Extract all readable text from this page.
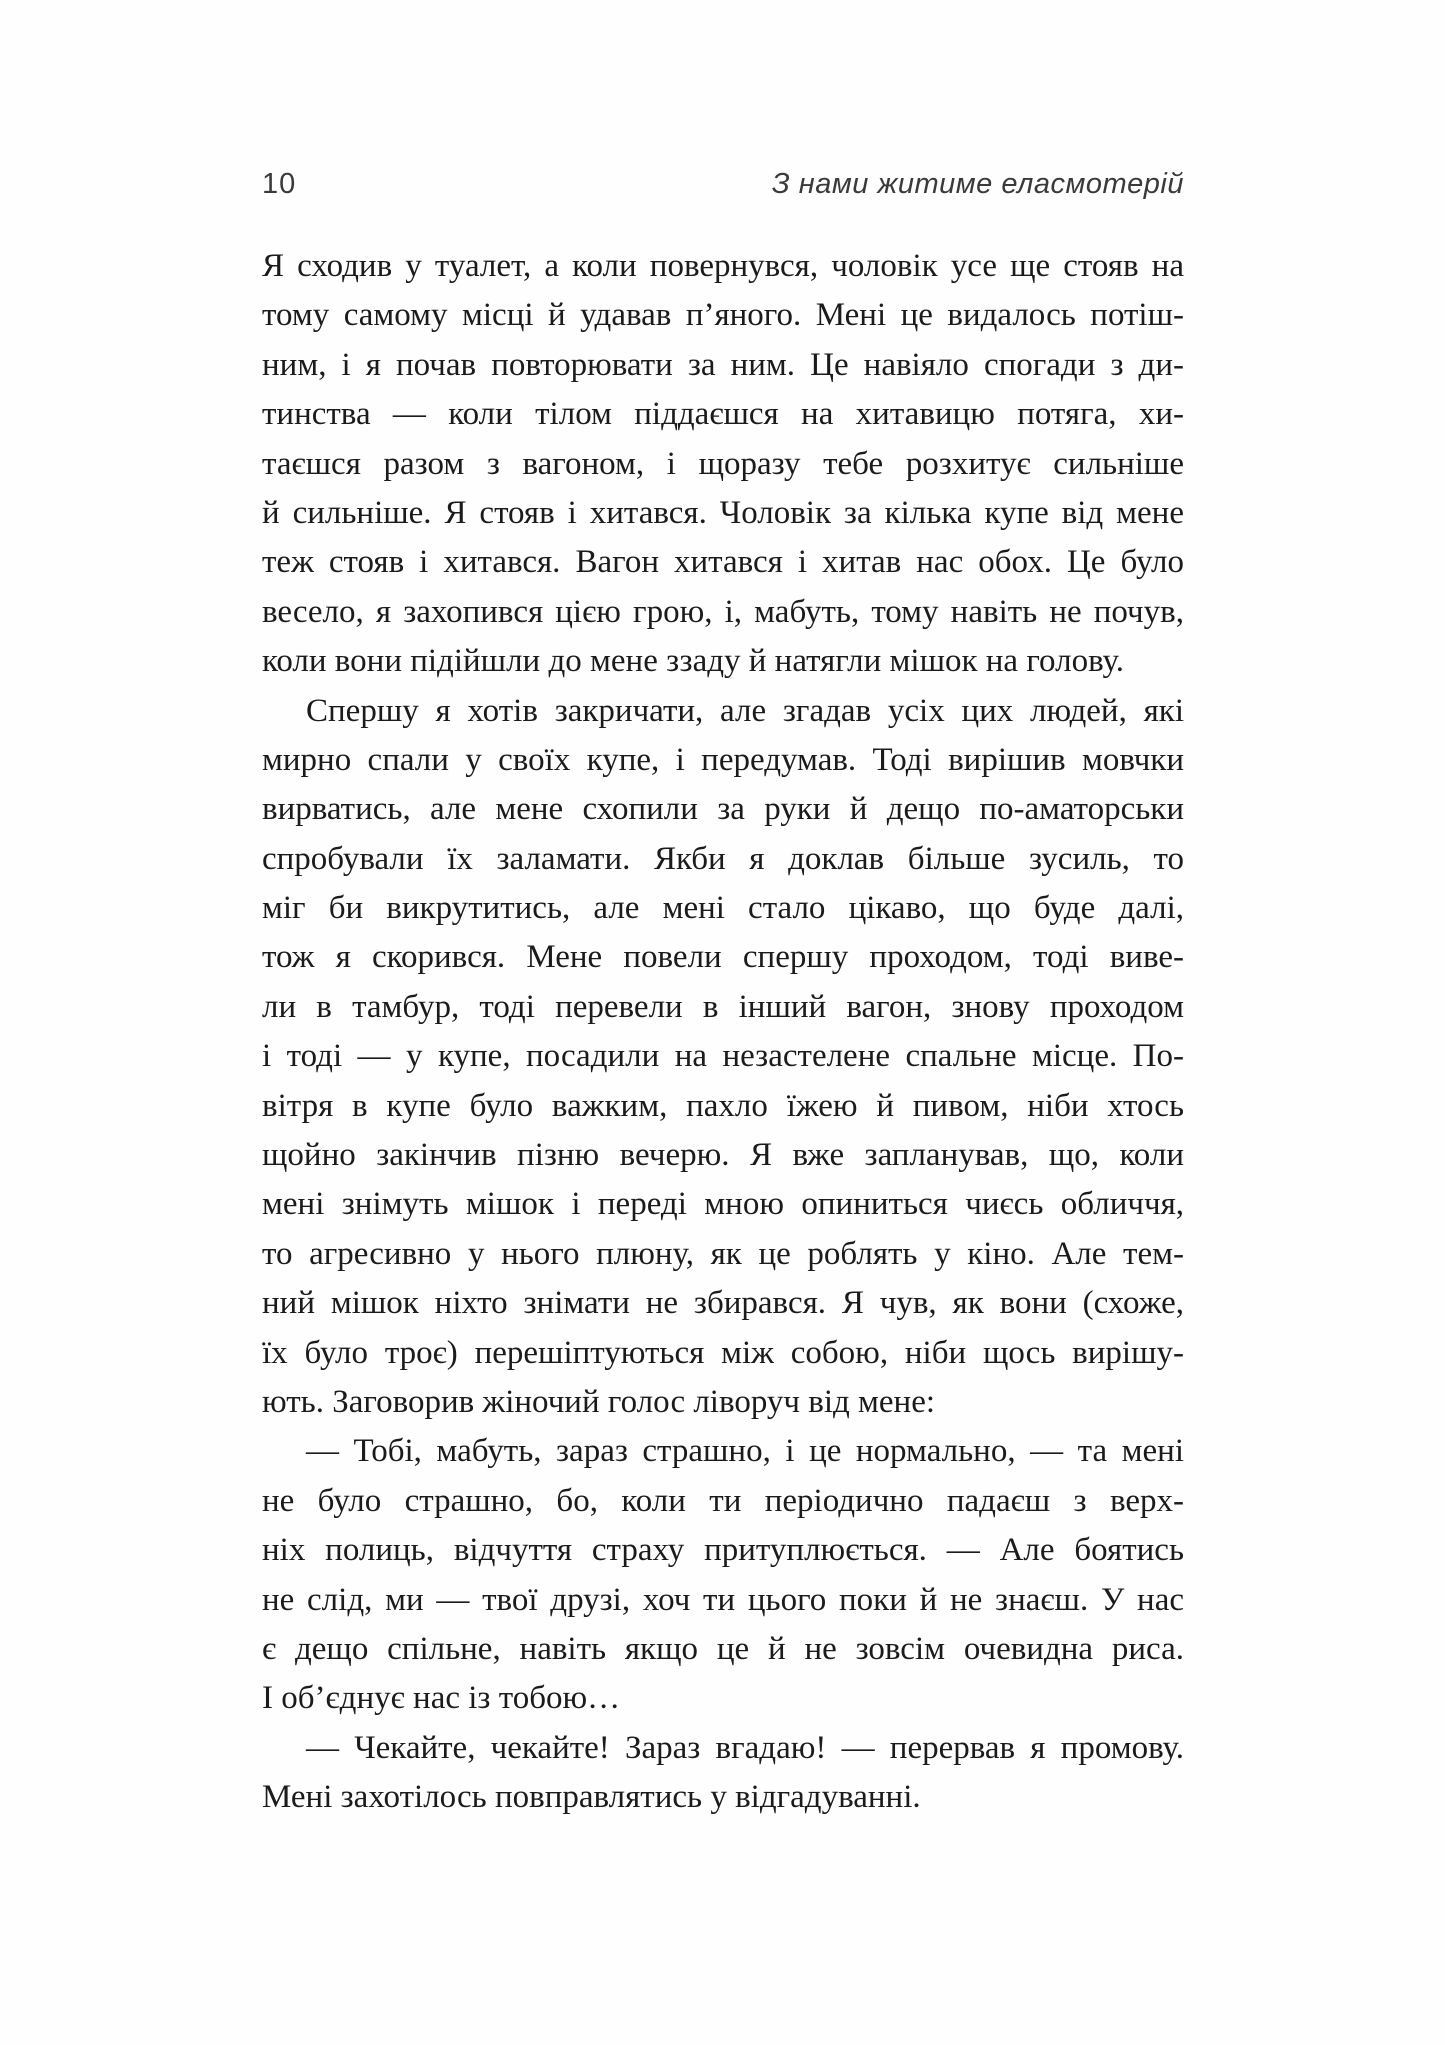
10	З нами житиме еласмотерій
Я сходив у туалет, а коли повернувся, чоловік усе ще стояв на
тому самому місці й удавав п’яного. Мені це видалось потіш-
ним, і я почав повторювати за ним. Це навіяло спогади з ди-
тинства — коли тілом піддаєшся на хитавицю потяга, хи-
таєшся разом з вагоном, і щоразу тебе розхитує сильніше
й сильніше. Я стояв і хитався. Чоловік за кілька купе від мене
теж стояв і хитався. Вагон хитався і хитав нас обох. Це було
весело, я захопився цією грою, і, мабуть, тому навіть не почув,
коли вони підійшли до мене ззаду й натягли мішок на голову.
Спершу я хотів закричати, але згадав усіх цих людей, які
мирно спали у своїх купе, і передумав. Тоді вирішив мовчки
вирватись, але мене схопили за руки й дещо по-аматорськи
спробували їх заламати. Якби я доклав більше зусиль, то
міг би викрутитись, але мені стало цікаво, що буде далі,
тож я скорився. Мене повели спершу проходом, тоді виве-
ли в тамбур, тоді перевели в інший вагон, знову проходом
і тоді — у купе, посадили на незастелене спальне місце. По-
вітря в купе було важким, пахло їжею й пивом, ніби хтось
щойно закінчив пізню вечерю. Я вже запланував, що, коли
мені знімуть мішок і переді мною опиниться чиєсь обличчя,
то агресивно у нього плюну, як це роблять у кіно. Але тем-
ний мішок ніхто знімати не збирався. Я чув, як вони (схоже,
їх було троє) перешіптуються між собою, ніби щось вирішу-
ють. Заговорив жіночий голос ліворуч від мене:
— Тобі, мабуть, зараз страшно, і це нормально, — та мені
не було страшно, бо, коли ти періодично падаєш з верх-
ніх полиць, відчуття страху притуплюється. — Але боятись
не слід, ми — твої друзі, хоч ти цього поки й не знаєш. У нас
є дещо спільне, навіть якщо це й не зовсім очевидна риса.
І об’єднує нас із тобою…
— Чекайте, чекайте! Зараз вгадаю! — перервав я промову.
Мені захотілось повправлятись у відгадуванні.
